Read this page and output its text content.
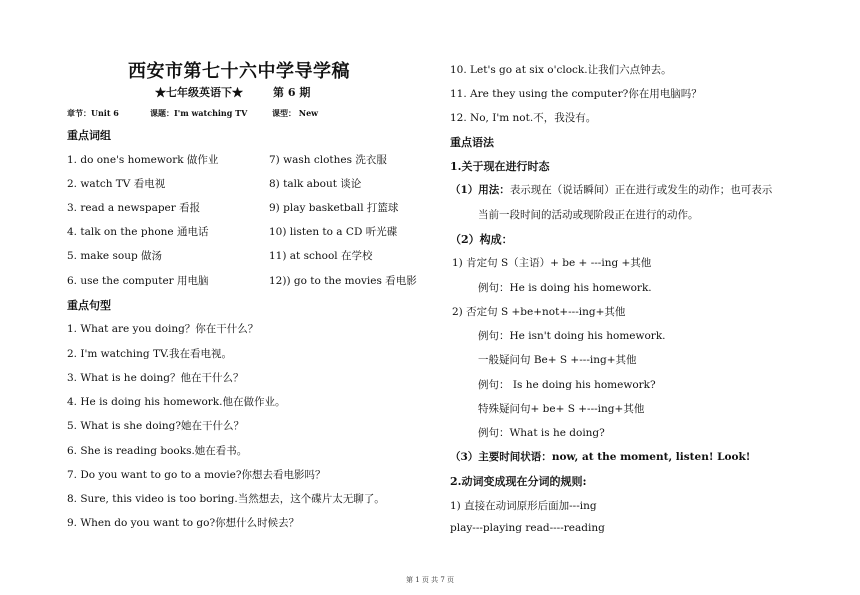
西安市第七十六中学导学稿
★七年级英语下★	第 6 期
章节：Unit 6	课题：I'm watching TV	课型： New
重点词组
1. do one's homework 做作业
2. watch TV 看电视
3. read a newspaper 看报
4. talk on the phone 通电话
5. make soup 做汤
6. use the computer 用电脑
7) wash clothes 洗衣服
8) talk about 谈论
9) play basketball 打篮球
10) listen to a CD 听光碟
11) at school 在学校
12)) go to the movies 看电影
重点句型
1. What are you doing？你在干什么？
2. I'm watching TV.我在看电视。
3. What is he doing？他在干什么？
4. He is doing his homework.他在做作业。
5. What is she doing?她在干什么？
6. She is reading books.她在看书。
7. Do you want to go to a movie?你想去看电影吗？
8. Sure, this video is too boring.当然想去，这个碟片太无聊了。
9. When do you want to go?你想什么时候去？
10. Let's go at six o'clock.让我们六点钟去。
11. Are they using the computer?你在用电脑吗？
12. No, I'm not.不，我没有。
重点语法
1.关于现在进行时态
（1）用法：表示现在（说话瞬间）正在进行或发生的动作；也可表示
当前一段时间的活动或现阶段正在进行的动作。
（2）构成：
1) 肯定句 S（主语）+ be + ---ing +其他
例句：He is doing his homework.
2) 否定句 S +be+not+---ing+其他
例句：He isn't doing his homework.
一般疑问句 Be+ S +---ing+其他
例句： Is he doing his homework?
特殊疑问句+ be+ S +---ing+其他
例句：What is he doing?
（3）主要时间状语：now, at the moment, listen! Look!
2.动词变成现在分词的规则:
1) 直接在动词原形后面加---ing
play---playing read----reading
第 1 页 共 7 页
